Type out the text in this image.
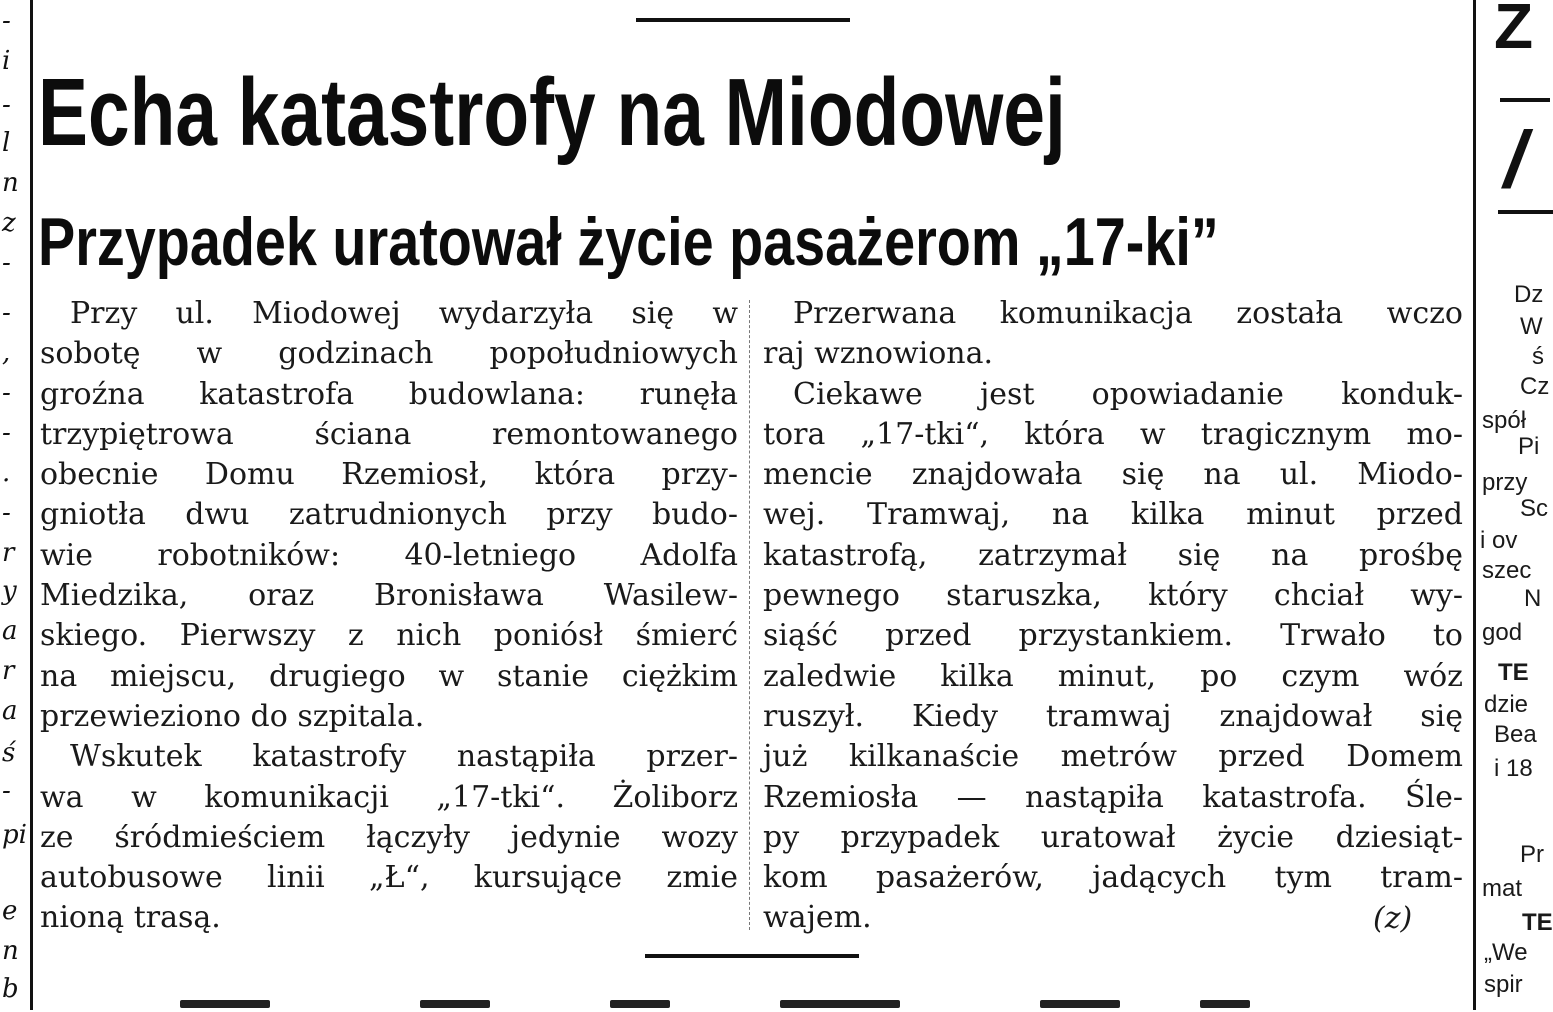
-
i
-
l
n
z
-
-
,
-
-
.
-
r
y
a
r
a
ś
-
pi
e
n
b
Echa katastrofy na Miodowej
Przypadek uratował życie pasażerom „17-ki”

Przy ul. Miodowej wydarzyła się w

sobotę w godzinach popołudniowych

groźna katastrofa budowlana: runęła

trzypiętrowa ściana remontowanego

obecnie Domu Rzemiosł, która przy-

gniotła dwu zatrudnionych przy budo-

wie robotników: 40-letniego Adolfa

Miedzika, oraz Bronisława Wasilew-

skiego. Pierwszy z nich poniósł śmierć

na miejscu, drugiego w stanie ciężkim

przewieziono do szpitala.

Wskutek katastrofy nastąpiła przer-

wa w komunikacji „17-tki“. Żoliborz

ze śródmieściem łączyły jedynie wozy

autobusowe linii „Ł“, kursujące zmie

nioną trasą.

Przerwana komunikacja została wczo

raj wznowiona.

Ciekawe jest opowiadanie konduk-

tora „17-tki“, która w tragicznym mo-

mencie znajdowała się na ul. Miodo-

wej. Tramwaj, na kilka minut przed

katastrofą, zatrzymał się na prośbę

pewnego staruszka, który chciał wy-

siąść przed przystankiem. Trwało to

zaledwie kilka minut, po czym wóz

ruszył. Kiedy tramwaj znajdował się

już kilkanaście metrów przed Domem

Rzemiosła — nastąpiła katastrofa. Śle-

py przypadek uratował życie dziesiąt-

kom pasażerów, jadących tym tram-

wajem.	(z)
Z
/
Dz
W
ś
Cz
spół
Pi
przy
Sc
i ov
szec
N
god
TE
dzie
Bea
i 18
Pr
mat
TE
„We
spir
